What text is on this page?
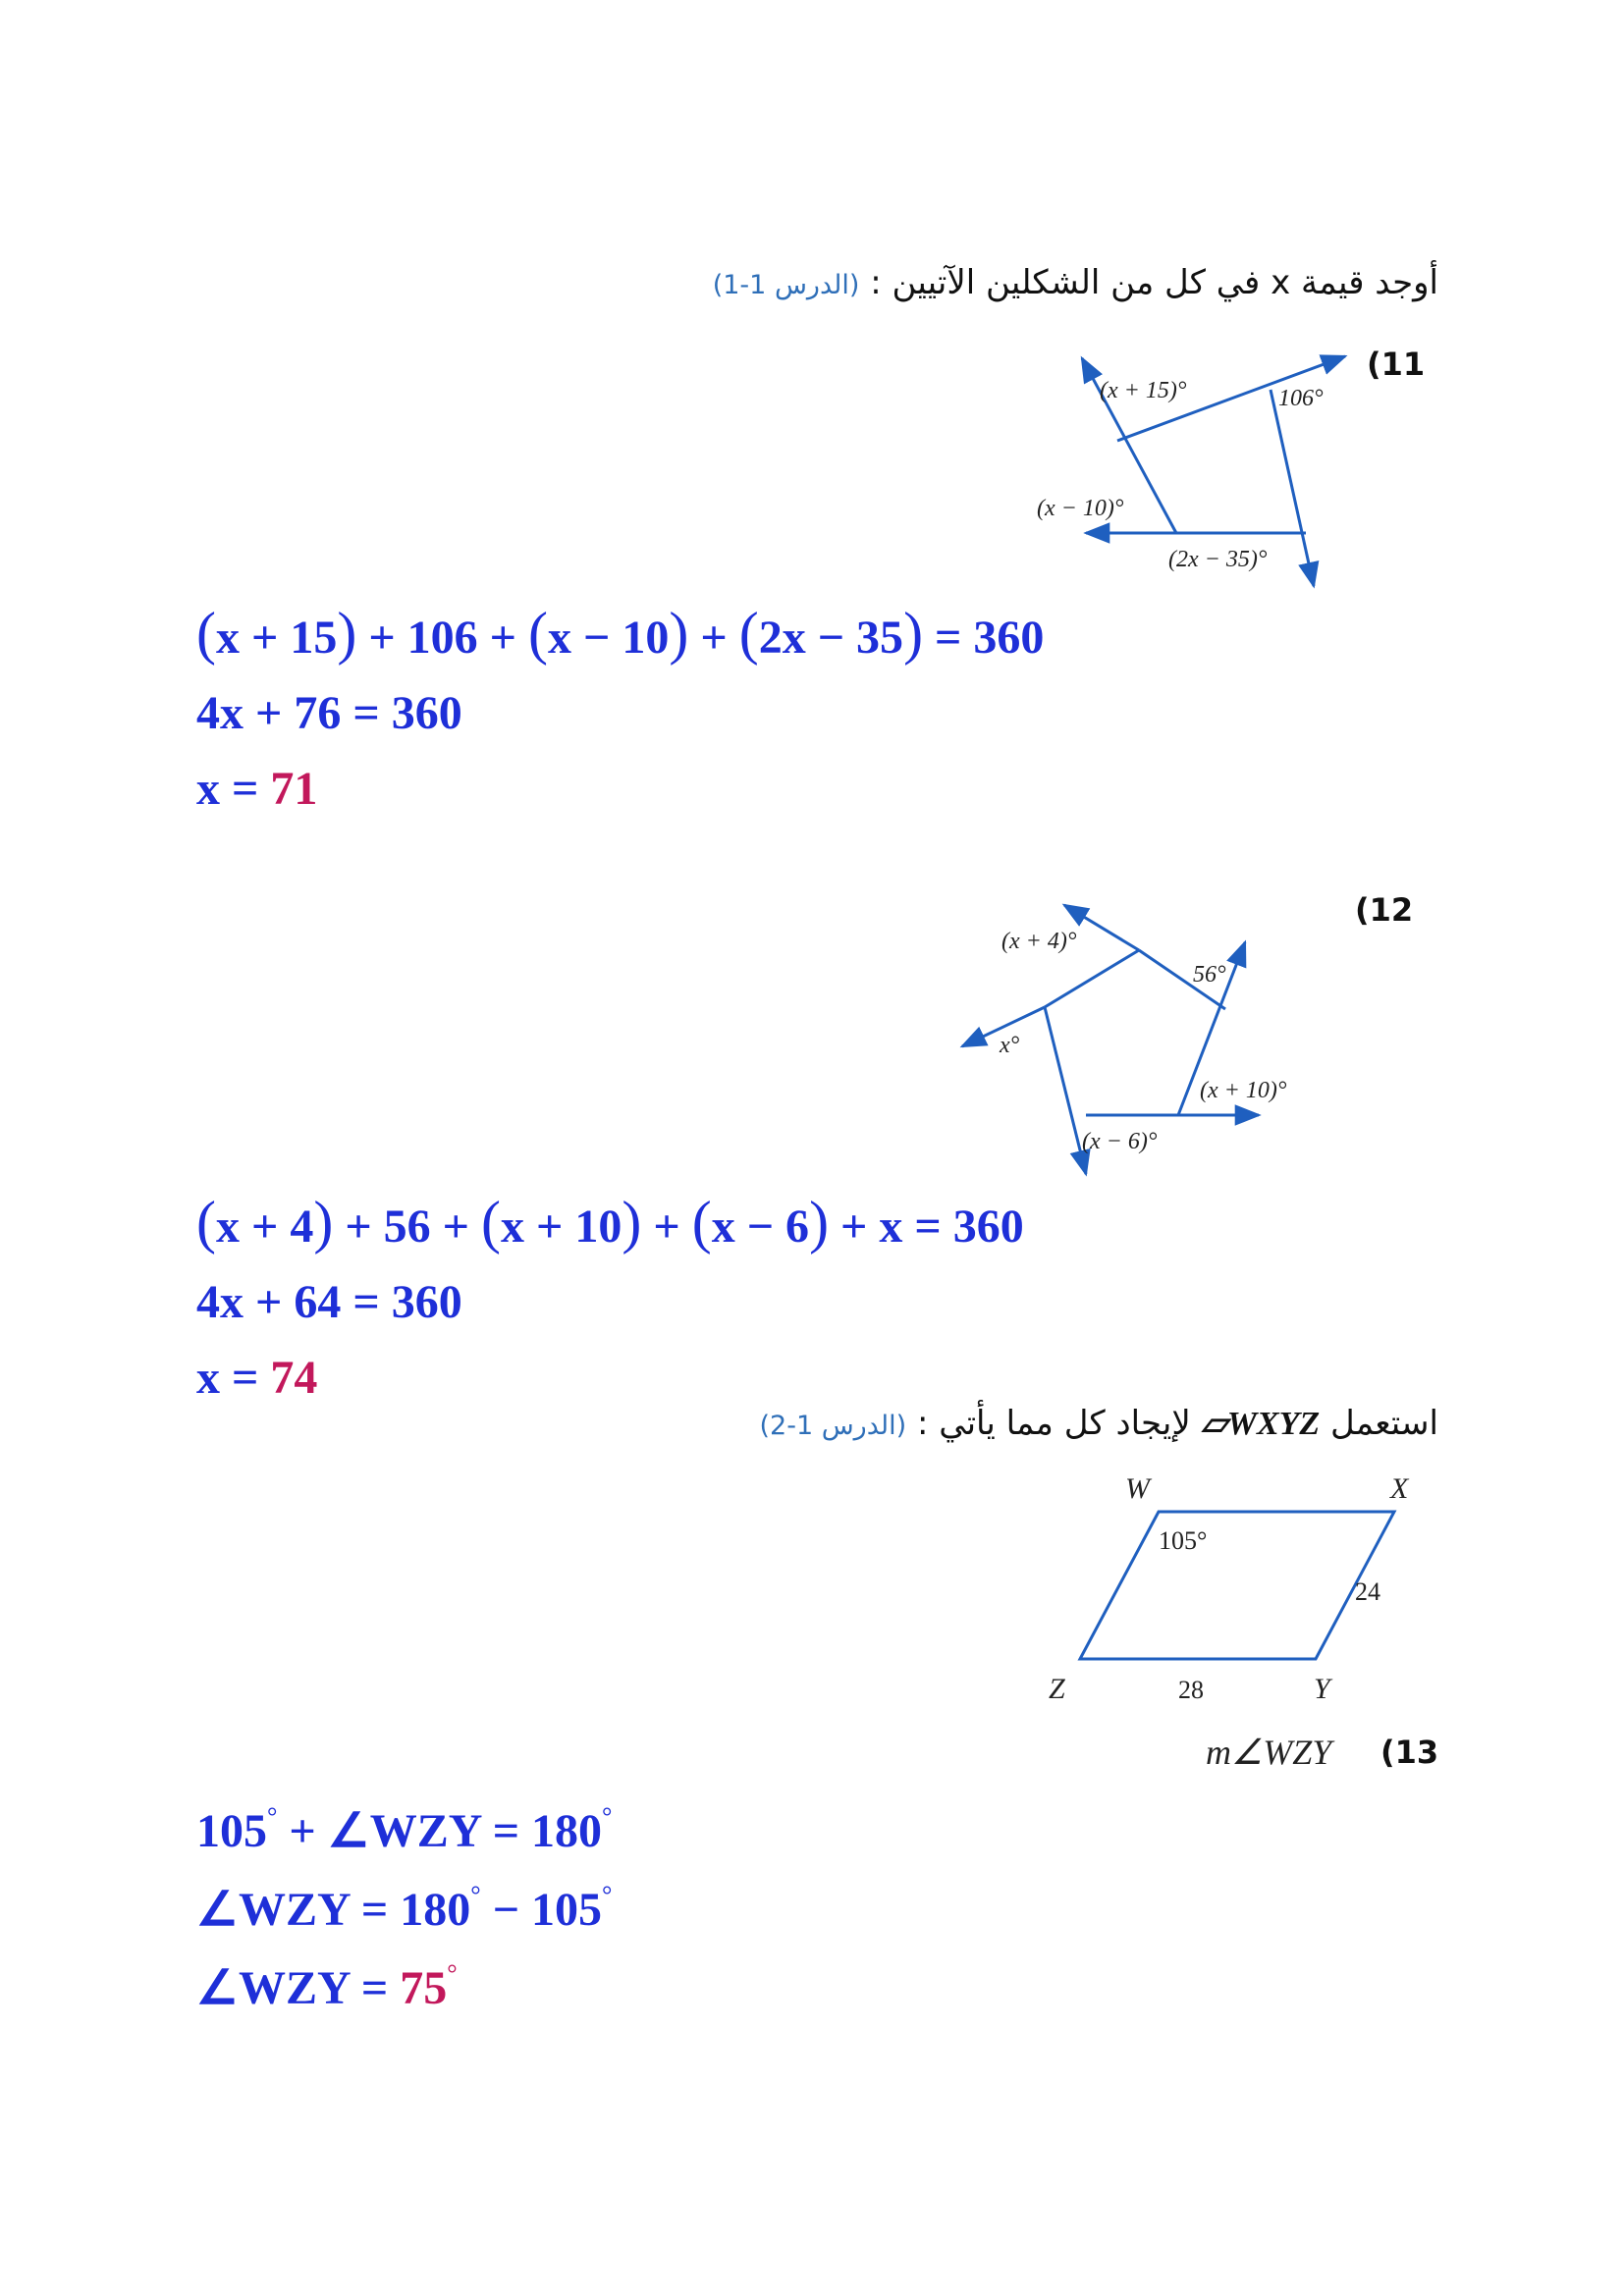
أوجد قيمة x في كل من الشكلين الآتيين : (الدرس 1-1)
(11
(x + 15)°	106°
(x − 10)°
(2x − 35)°
(x + 15) + 106 + (x − 10) + (2x − 35) = 360
4x + 76 = 360
x = 71
(12
(x + 4)°
56°
x°
(x + 10)°
(x − 6)°
(x + 4) + 56 + (x + 10) + (x − 6) + x = 360
4x + 64 = 360
x = 74
استعمل WXYZ▱ لإيجاد كل مما يأتي : (الدرس 1-2)
W	X
Y
Z
105°
24
28
(13
m∠WZY
105° + ∠WZY = 180°
∠WZY = 180° − 105°
∠WZY = 75°
